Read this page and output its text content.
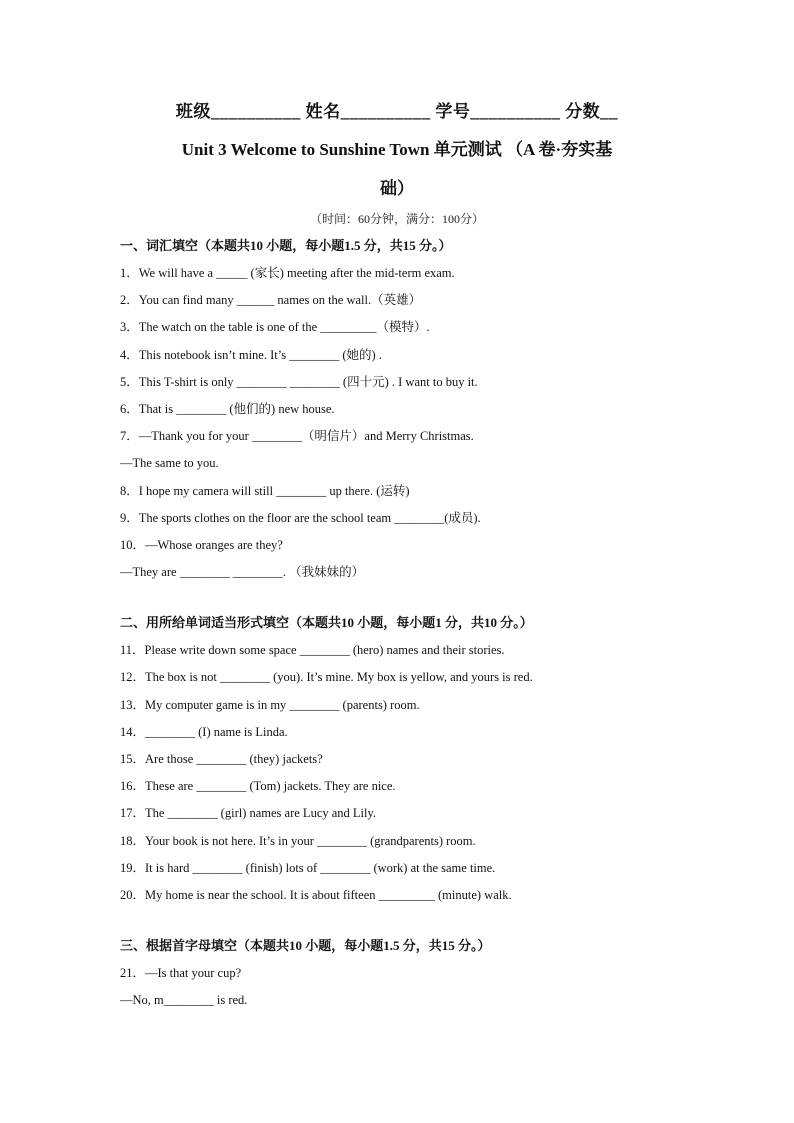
班级__________ 姓名__________ 学号__________ 分数__
Unit 3 Welcome to Sunshine Town 单元测试 （A 卷·夯实基
础）
（时间：60分钟，满分：100分）
一、词汇填空（本题共10 小题，每小题1.5 分，共15 分。）
1．We will have a _____ (家长) meeting after the mid-term exam.
2．You can find many ______ names on the wall.（英雄）
3．The watch on the table is one of the _________（模特）.
4．This notebook isn’t mine. It’s ________ (她的) .
5．This T-shirt is only ________ ________ (四十元) . I want to buy it.
6．That is ________ (他们的) new house.
7．—Thank you for your ________（明信片）and Merry Christmas.
—The same to you.
8．I hope my camera will still ________ up there. (运转)
9．The sports clothes on the floor are the school team ________(成员).
10．—Whose oranges are they?
—They are ________ ________. （我妹妹的）
二、用所给单词适当形式填空（本题共10 小题，每小题1 分，共10 分。）
11．Please write down some space ________ (hero) names and their stories.
12．The box is not ________ (you). It’s mine. My box is yellow, and yours is red.
13．My computer game is in my ________ (parents) room.
14．________ (I) name is Linda.
15．Are those ________ (they) jackets?
16．These are ________ (Tom) jackets. They are nice.
17．The ________ (girl) names are Lucy and Lily.
18．Your book is not here. It’s in your ________ (grandparents) room.
19．It is hard ________ (finish) lots of ________ (work) at the same time.
20．My home is near the school. It is about fifteen _________ (minute) walk.
三、根据首字母填空（本题共10 小题，每小题1.5 分，共15 分。）
21．—Is that your cup?
—No, m________ is red.
